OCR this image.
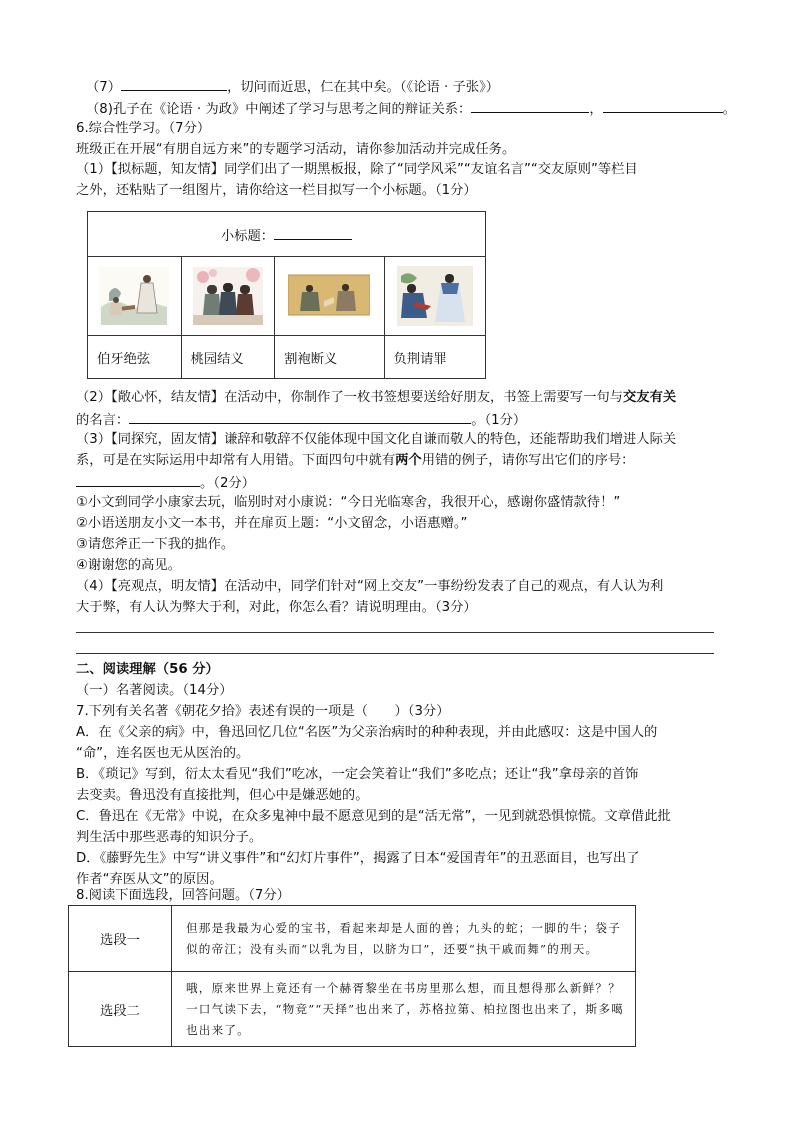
（7）	，切问而近思，仁在其中矣。（《论语 · 子张》）
（8)孔子在《论语 · 为政》中阐述了学习与思考之间的辩证关系：	，	。
6.综合性学习。（7分）
班级正在开展“有朋自远方来”的专题学习活动，请你参加活动并完成任务。
（1）【拟标题，知友情】同学们出了一期黑板报，除了“同学风采”“友谊名言”“交友原则”等栏目
之外，还粘贴了一组图片，请你给这一栏目拟写一个小标题。（1分）
小标题：			

伯牙绝弦	桃园结义	割袍断义	负荆请罪
（2）【敞心怀，结友情】在活动中，你制作了一枚书签想要送给好朋友，书签上需要写一句与交友有关
的名言：	。（1分）
（3）【同探究，固友情】谦辞和敬辞不仅能体现中国文化自谦而敬人的特色，还能帮助我们增进人际关
系，可是在实际运用中却常有人用错。下面四句中就有两个用错的例子，请你写出它们的序号：
。（2分）
①小文到同学小康家去玩，临别时对小康说：“今日光临寒舍，我很开心，感谢你盛情款待！”
②小语送朋友小文一本书，并在扉页上题：“小文留念，小语惠赠。”
③请您斧正一下我的拙作。
④谢谢您的高见。
（4）【亮观点，明友情】在活动中，同学们针对“网上交友”一事纷纷发表了自己的观点，有人认为利
大于弊，有人认为弊大于利，对此，你怎么看？请说明理由。（3分）
二、阅读理解（56 分）
（一）名著阅读。（14分）
7.下列有关名著《朝花夕拾》表述有误的一项是（　　）（3分）
A．在《父亲的病》中，鲁迅回忆几位“名医”为父亲治病时的种种表现，并由此感叹：这是中国人的
“命”，连名医也无从医治的。
B．《琐记》写到，衍太太看见“我们”吃冰，一定会笑着让“我们”多吃点；还让“我”拿母亲的首饰
去变卖。鲁迅没有直接批判，但心中是嫌恶她的。
C．鲁迅在《无常》中说，在众多鬼神中最不愿意见到的是“活无常”，一见到就恐惧惊慌。文章借此批
判生活中那些恶毒的知识分子。
D．《藤野先生》中写“讲义事件”和“幻灯片事件”，揭露了日本“爱国青年”的丑恶面目，也写出了
作者“弃医从文”的原因。
8.阅读下面选段，回答问题。（7分）
选段一	但那是我最为心爱的宝书，看起来却是人面的兽；九头的蛇；一脚的牛；袋子似的帝江；没有头而“以乳为目，以脐为口”，还要“执干戚而舞”的刑天。
选段二	哦，原来世界上竟还有一个赫胥黎坐在书房里那么想，而且想得那么新鲜？？一口气读下去，“物竞”“天择”也出来了，苏格拉第、柏拉图也出来了，斯多噶也出来了。
